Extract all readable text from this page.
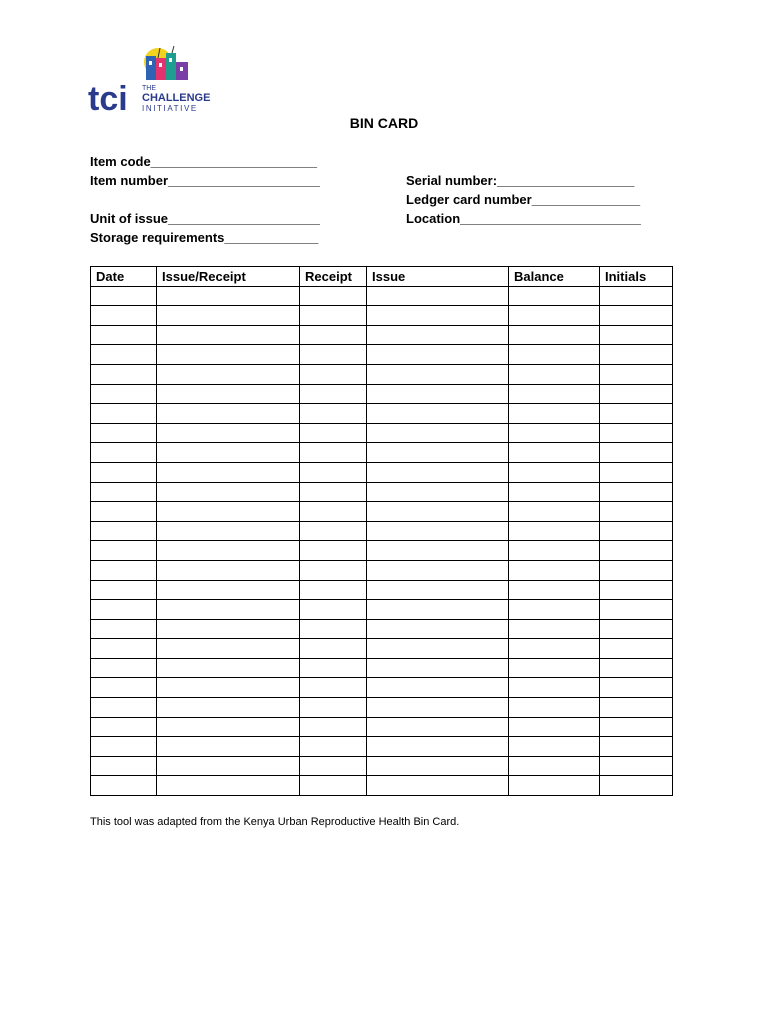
tci THE
CHALLENGE
INITIATIVE
BIN CARD
Item code_______________________
Item number_____________________
Unit of issue_____________________
Storage requirements_____________
Serial number:___________________
Ledger card number_______________
Location_________________________
Date	Issue/Receipt	Receipt	Issue	Balance	Initials

This tool was adapted from the Kenya Urban Reproductive Health Bin Card.
